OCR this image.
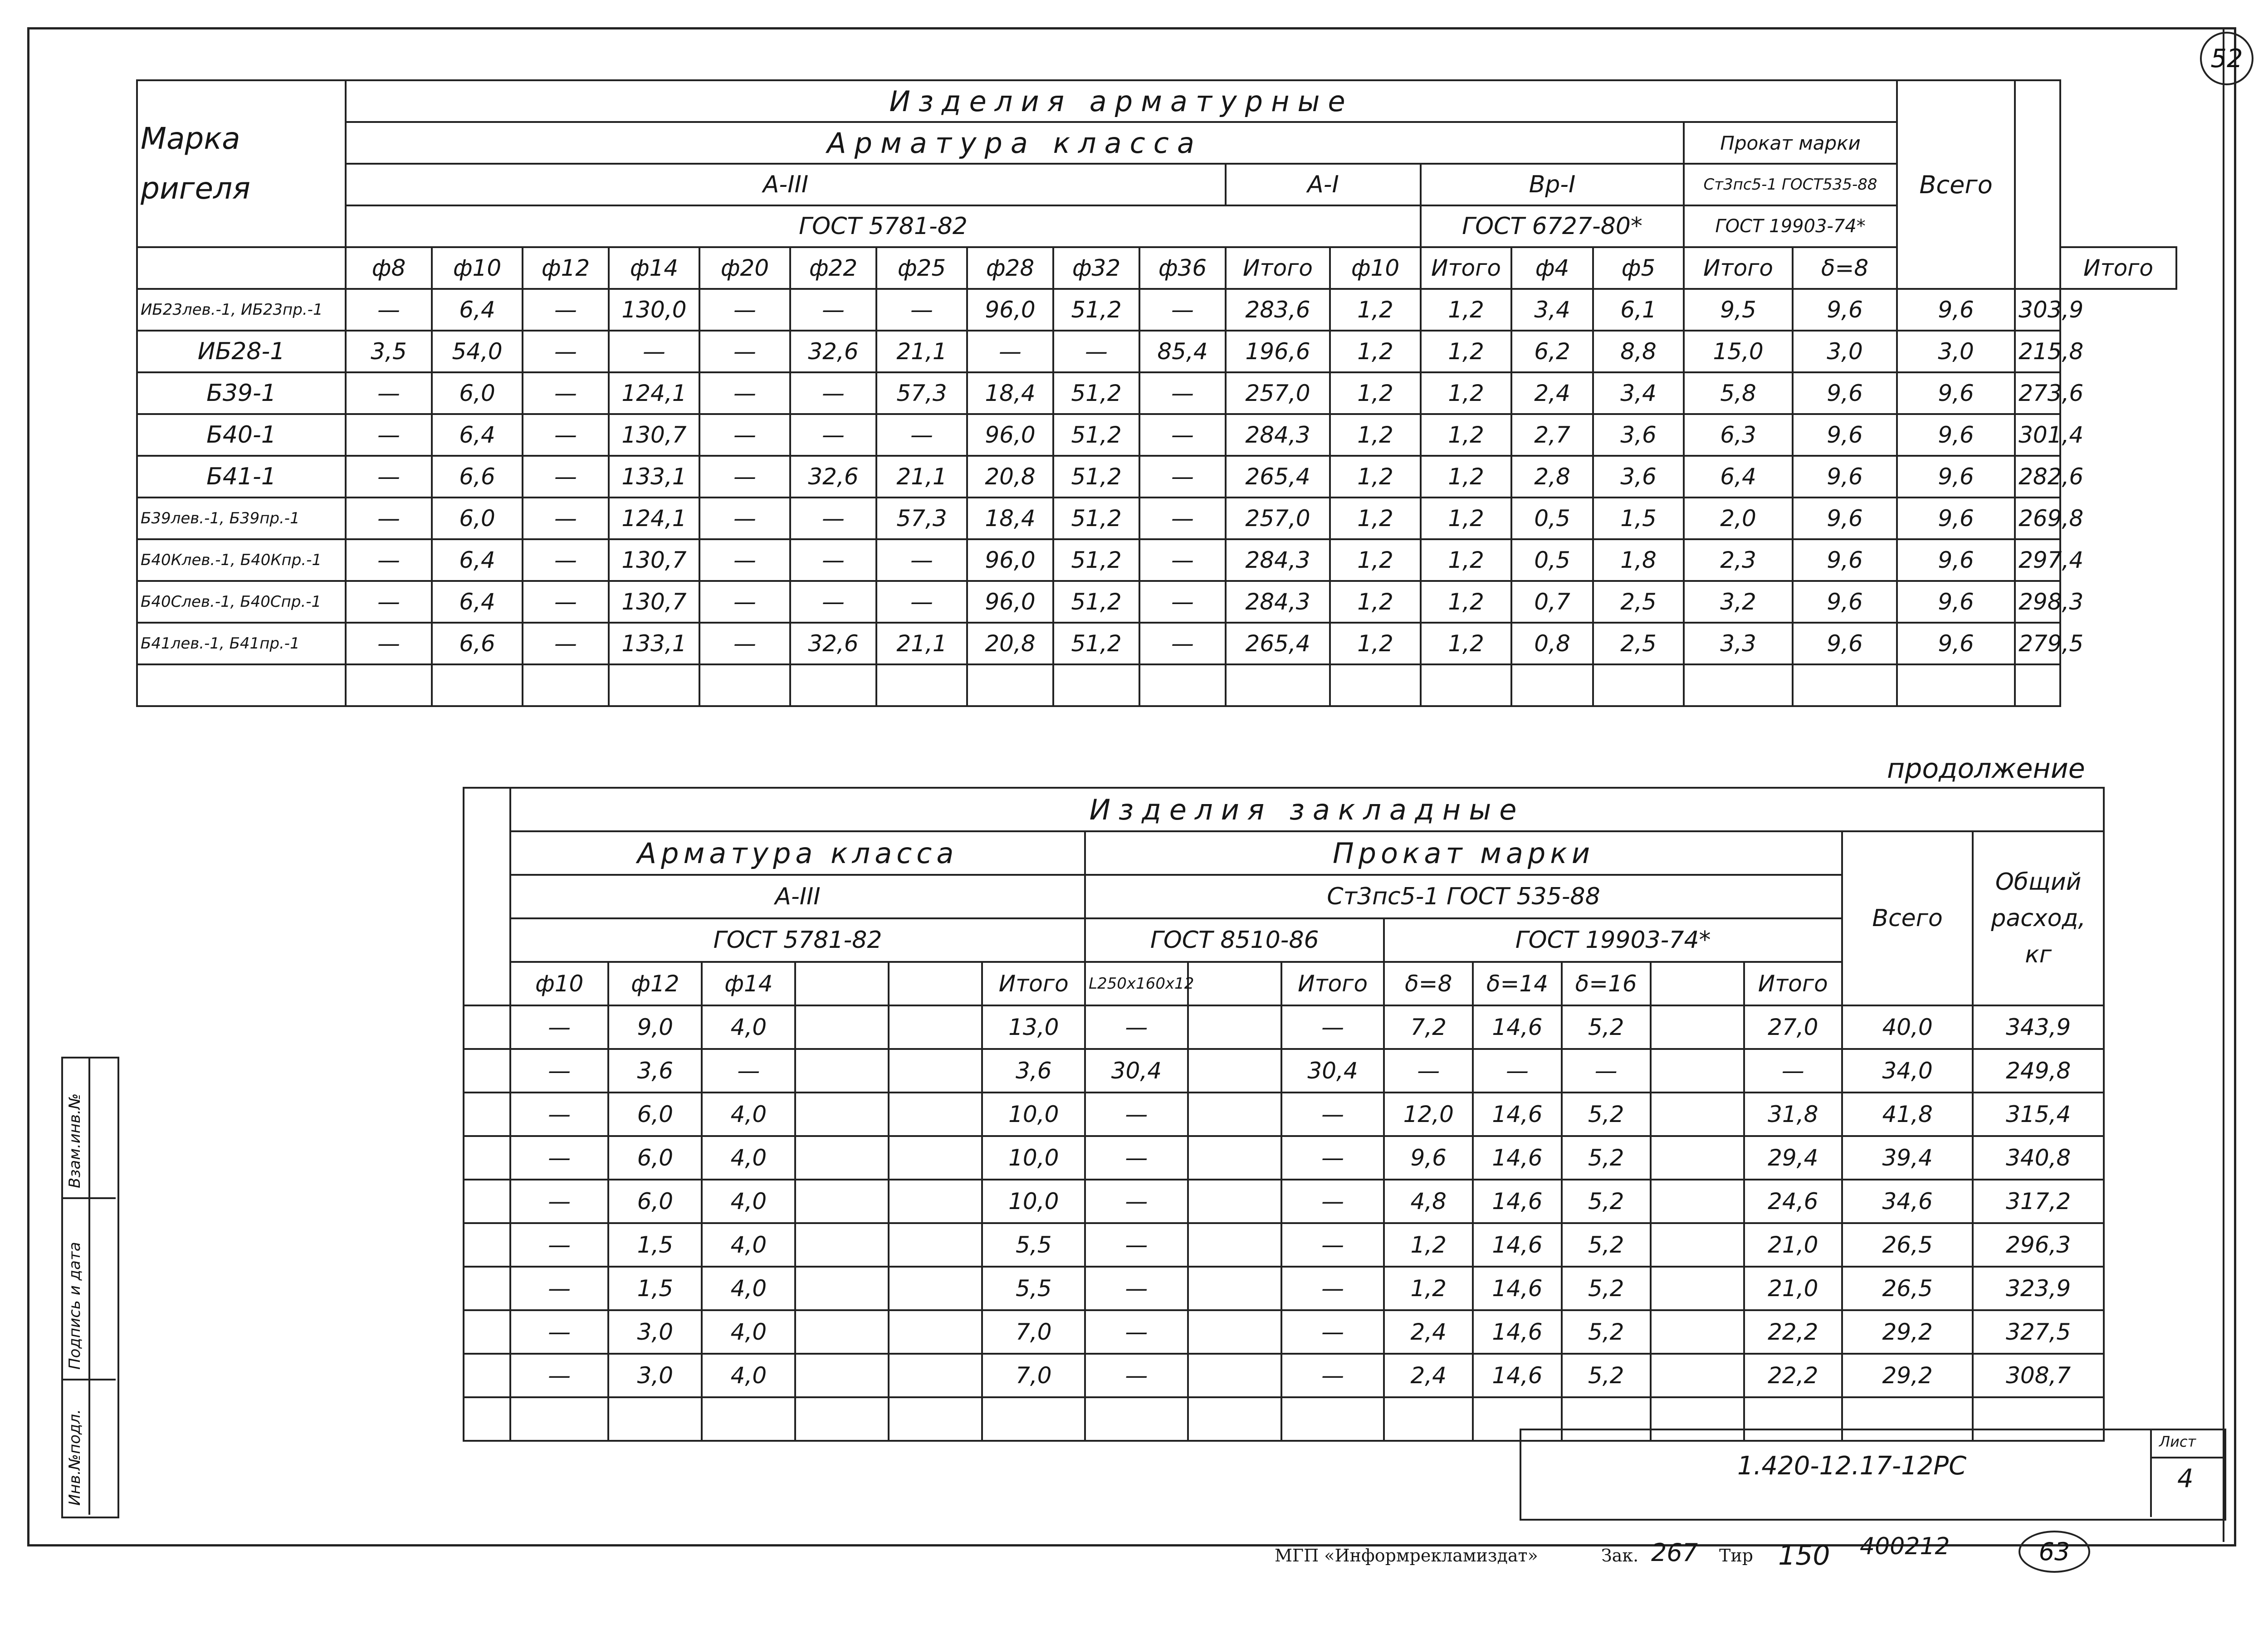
52
Марка ригеля	Изделия арматурные																	Всего		
	Арматура класса															Прокат марки				
	А-III										А-I		Вр-I			Ст3пс5-1 ГОСТ535-88				
	ГОСТ 5781-82												ГОСТ 6727-80*			ГОСТ 19903-74*				
	ф8	ф10	ф12	ф14	ф20	ф22	ф25	ф28	ф32	ф36	Итого	ф10	Итого	ф4	ф5	Итого	δ=8			Итого
ИБ23лев.-1, ИБ23пр.-1	—	6,4	—	130,0	—	—	—	96,0	51,2	—	283,6	1,2	1,2	3,4	6,1	9,5	9,6	9,6	303,9	
ИБ28-1	3,5	54,0	—	—	—	32,6	21,1	—	—	85,4	196,6	1,2	1,2	6,2	8,8	15,0	3,0	3,0	215,8	
Б39-1	—	6,0	—	124,1	—	—	57,3	18,4	51,2	—	257,0	1,2	1,2	2,4	3,4	5,8	9,6	9,6	273,6	
Б40-1	—	6,4	—	130,7	—	—	—	96,0	51,2	—	284,3	1,2	1,2	2,7	3,6	6,3	9,6	9,6	301,4	
Б41-1	—	6,6	—	133,1	—	32,6	21,1	20,8	51,2	—	265,4	1,2	1,2	2,8	3,6	6,4	9,6	9,6	282,6	
Б39лев.-1, Б39пр.-1	—	6,0	—	124,1	—	—	57,3	18,4	51,2	—	257,0	1,2	1,2	0,5	1,5	2,0	9,6	9,6	269,8	
Б40Клев.-1, Б40Кпр.-1	—	6,4	—	130,7	—	—	—	96,0	51,2	—	284,3	1,2	1,2	0,5	1,8	2,3	9,6	9,6	297,4	
Б40Слев.-1, Б40Спр.-1	—	6,4	—	130,7	—	—	—	96,0	51,2	—	284,3	1,2	1,2	0,7	2,5	3,2	9,6	9,6	298,3	
Б41лев.-1, Б41пр.-1	—	6,6	—	133,1	—	32,6	21,1	20,8	51,2	—	265,4	1,2	1,2	0,8	2,5	3,3	9,6	9,6	279,5	

продолжение
	Изделия закладные															
	Арматура класса						Прокат марки								Всего	Общий расход, кг
	А-III						Ст3пс5-1 ГОСТ 535-88									
	ГОСТ 5781-82						ГОСТ 8510-86			ГОСТ 19903-74*						
	ф10	ф12	ф14			Итого	L250x160x12		Итого	δ=8	δ=14	δ=16		Итого		
	—	9,0	4,0			13,0	—		—	7,2	14,6	5,2		27,0	40,0	343,9
	—	3,6	—			3,6	30,4		30,4	—	—	—		—	34,0	249,8
	—	6,0	4,0			10,0	—		—	12,0	14,6	5,2		31,8	41,8	315,4
	—	6,0	4,0			10,0	—		—	9,6	14,6	5,2		29,4	39,4	340,8
	—	6,0	4,0			10,0	—		—	4,8	14,6	5,2		24,6	34,6	317,2
	—	1,5	4,0			5,5	—		—	1,2	14,6	5,2		21,0	26,5	296,3
	—	1,5	4,0			5,5	—		—	1,2	14,6	5,2		21,0	26,5	323,9
	—	3,0	4,0			7,0	—		—	2,4	14,6	5,2		22,2	29,2	327,5
	—	3,0	4,0			7,0	—		—	2,4	14,6	5,2		22,2	29,2	308,7

Взам.инв.№
Подпись и дата
Инв.№подл.	1.420-12.17-12РС
Лист
4
МГП «Информрекламиздат»	Зак. 267 Тир 150 400212	63
